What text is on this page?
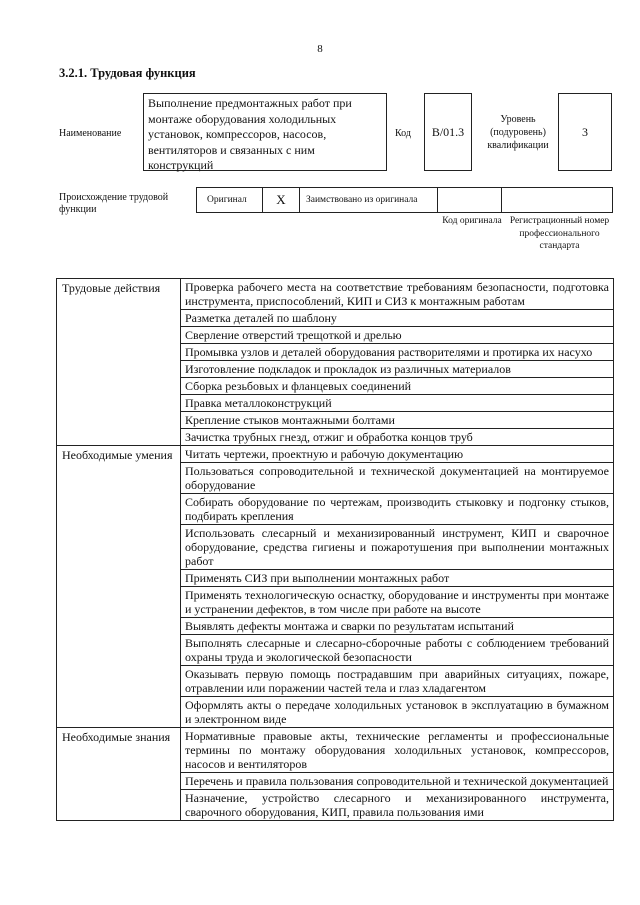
8
3.2.1. Трудовая функция
Наименование
Выполнение предмонтажных работ при монтаже оборудования холодильных установок, компрессоров, насосов, вентиляторов и связанных с ним конструкций
Код	В/01.3
Уровень (подуровень) квалификации
3
Происхождение трудовой функции
Оригинал	X	Заимствовано из оригинала
Код оригинала Регистрационный номер профессионального стандарта
Трудовые действия	Проверка рабочего места на соответствие требованиям безопасности, подготовка инструмента, приспособлений, КИП и СИЗ к монтажным работам
	Разметка деталей по шаблону
	Сверление отверстий трещоткой и дрелью
	Промывка узлов и деталей оборудования растворителями и протирка их насухо
	Изготовление подкладок и прокладок из различных материалов
	Сборка резьбовых и фланцевых соединений
	Правка металлоконструкций
	Крепление стыков монтажными болтами
	Зачистка трубных гнезд, отжиг и обработка концов труб
Необходимые умения	Читать чертежи, проектную и рабочую документацию
	Пользоваться сопроводительной и технической документацией на монтируемое оборудование
	Собирать оборудование по чертежам, производить стыковку и подгонку стыков, подбирать крепления
	Использовать слесарный и механизированный инструмент, КИП и сварочное оборудование, средства гигиены и пожаротушения при выполнении монтажных работ
	Применять СИЗ при выполнении монтажных работ
	Применять технологическую оснастку, оборудование и инструменты при монтаже и устранении дефектов, в том числе при работе на высоте
	Выявлять дефекты монтажа и сварки по результатам испытаний
	Выполнять слесарные и слесарно-сборочные работы с соблюдением требований охраны труда и экологической безопасности
	Оказывать первую помощь пострадавшим при аварийных ситуациях, пожаре, отравлении или поражении частей тела и глаз хладагентом
	Оформлять акты о передаче холодильных установок в эксплуатацию в бумажном и электронном виде
Необходимые знания	Нормативные правовые акты, технические регламенты и профессиональные термины по монтажу оборудования холодильных установок, компрессоров, насосов и вентиляторов
	Перечень и правила пользования сопроводительной и технической документацией
	Назначение, устройство слесарного и механизированного инструмента, сварочного оборудования, КИП, правила пользования ими
